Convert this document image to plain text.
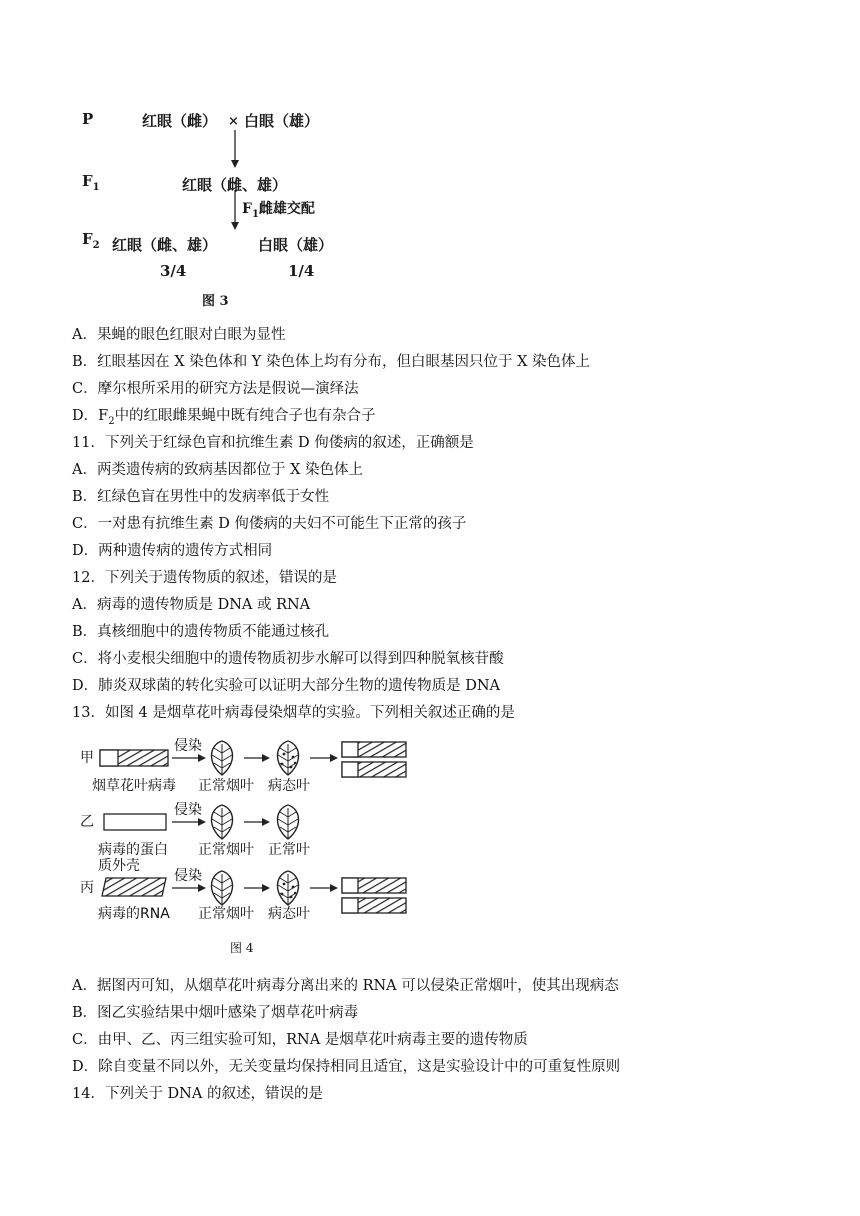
P	红眼（雌） × 白眼（雄）
$F_1$	红眼（雌、雄）
$F_1$雌雄交配
$F_2$ 红眼（雌、雄）	白眼（雄）
3/4	1/4
图 3
A．果蝇的眼色红眼对白眼为显性
B．红眼基因在 X 染色体和 Y 染色体上均有分布，但白眼基因只位于 X 染色体上
C．摩尔根所采用的研究方法是假说—演绎法
D．$F_2$中的红眼雌果蝇中既有纯合子也有杂合子
11．下列关于红绿色盲和抗维生素 D 佝偻病的叙述，正确额是
A．两类遗传病的致病基因都位于 X 染色体上
B．红绿色盲在男性中的发病率低于女性
C．一对患有抗维生素 D 佝偻病的夫妇不可能生下正常的孩子
D．两种遗传病的遗传方式相同
12．下列关于遗传物质的叙述，错误的是
A．病毒的遗传物质是 DNA 或 RNA
B．真核细胞中的遗传物质不能通过核孔
C．将小麦根尖细胞中的遗传物质初步水解可以得到四种脱氧核苷酸
D．肺炎双球菌的转化实验可以证明大部分生物的遗传物质是 DNA
13．如图 4 是烟草花叶病毒侵染烟草的实验。下列相关叙述正确的是
甲
侵染
烟草花叶病毒 正常烟叶 病态叶
乙
侵染
病毒的蛋白
质外壳
正常烟叶 正常叶
丙
侵染
病毒的RNA 正常烟叶 病态叶
图 4
A．据图丙可知，从烟草花叶病毒分离出来的 RNA 可以侵染正常烟叶，使其出现病态
B．图乙实验结果中烟叶感染了烟草花叶病毒
C．由甲、乙、丙三组实验可知，RNA 是烟草花叶病毒主要的遗传物质
D．除自变量不同以外，无关变量均保持相同且适宜，这是实验设计中的可重复性原则
14．下列关于 DNA 的叙述，错误的是
